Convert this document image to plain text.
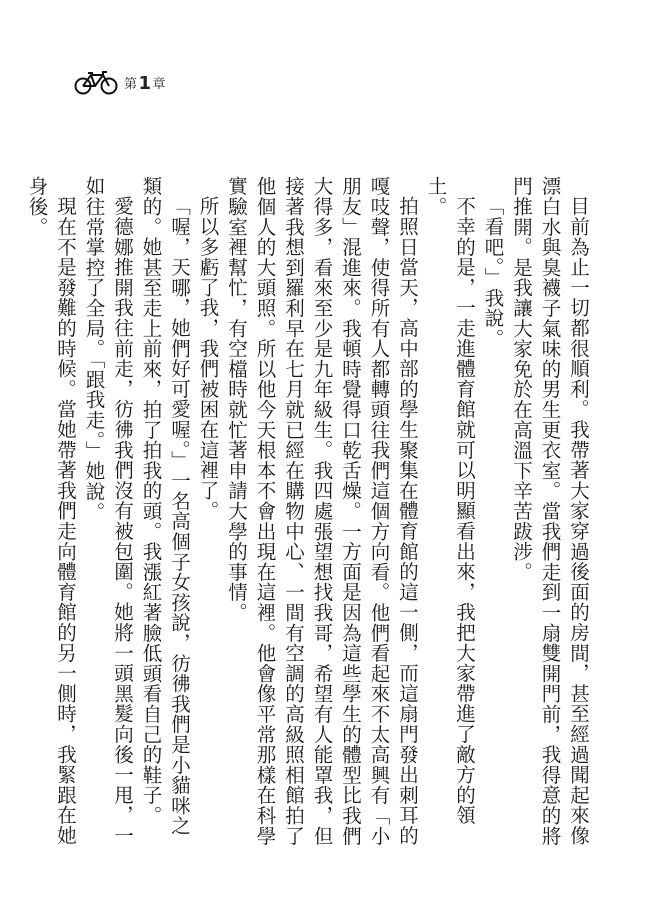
第1章

目前為止一切都很順利。我帶著大家穿過後面的房間，甚至經過聞起來像漂白水與臭襪子氣味的男生更衣室。當我們走到一扇雙開門前，我得意的將門推開。是我讓大家免於在高溫下辛苦跋涉。

「看吧。」我說。

不幸的是，一走進體育館就可以明顯看出來，我把大家帶進了敵方的領土。

拍照日當天，高中部的學生聚集在體育館的這一側，而這扇門發出刺耳的嘎吱聲，使得所有人都轉頭往我們這個方向看。他們看起來不太高興有「小朋友」混進來。我頓時覺得口乾舌燥。一方面是因為這些學生的體型比我們大得多，看來至少是九年級生。我四處張望想找我哥，希望有人能罩我，但接著我想到羅利早在七月就已經在購物中心、一間有空調的高級照相館拍了他個人的大頭照。所以他今天根本不會出現在這裡。他會像平常那樣在科學實驗室裡幫忙，有空檔時就忙著申請大學的事情。

所以多虧了我，我們被困在這裡了。

「喔，天哪，她們好可愛喔。」一名高個子女孩說，彷彿我們是小貓咪之類的。她甚至走上前來，拍了拍我的頭。我漲紅著臉低頭看自己的鞋子。

愛德娜推開我往前走，彷彿我們沒有被包圍。她將一頭黑髮向後一甩，一如往常掌控了全局。「跟我走。」她說。

現在不是發難的時候。當她帶著我們走向體育館的另一側時，我緊跟在她身後。
